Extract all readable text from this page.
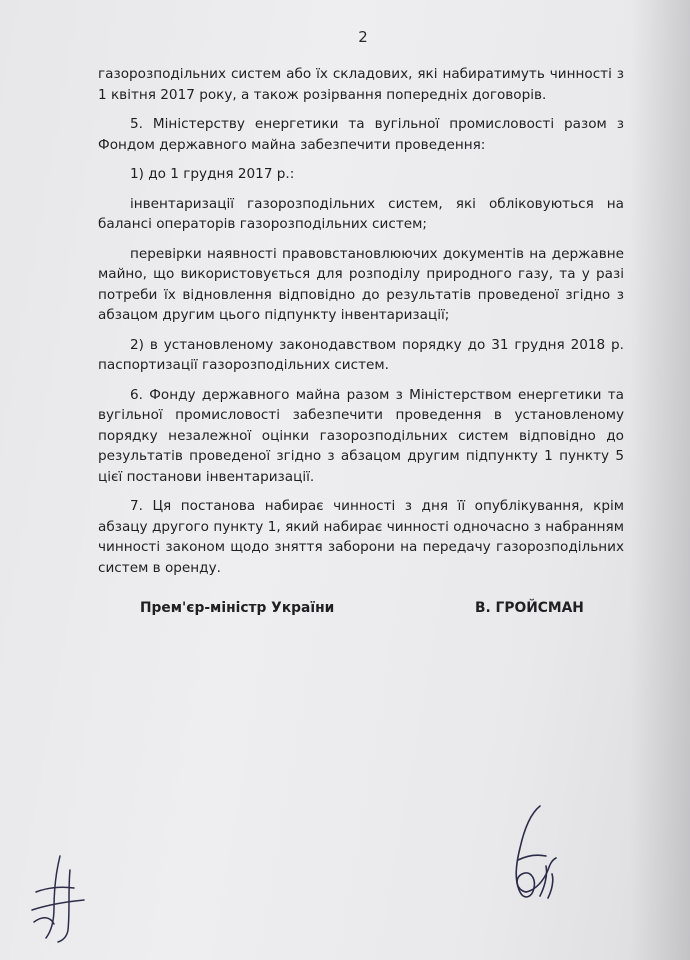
2

газорозподільних систем або їх складових, які набиратимуть чинності з 1 квітня 2017 року, а також розірвання попередніх договорів.

5. Міністерству енергетики та вугільної промисловості разом з Фондом державного майна забезпечити проведення:

1) до 1 грудня 2017 р.:

інвентаризації газорозподільних систем, які обліковуються на балансі операторів газорозподільних систем;

перевірки наявності правовстановлюючих документів на державне майно, що використовується для розподілу природного газу, та у разі потреби їх відновлення відповідно до результатів проведеної згідно з абзацом другим цього підпункту інвентаризації;

2) в установленому законодавством порядку до 31 грудня 2018 р. паспортизації газорозподільних систем.

6. Фонду державного майна разом з Міністерством енергетики та вугільної промисловості забезпечити проведення в установленому порядку незалежної оцінки газорозподільних систем відповідно до результатів проведеної згідно з абзацом другим підпункту 1 пункту 5 цієї постанови інвентаризації.

7. Ця постанова набирає чинності з дня її опублікування, крім абзацу другого пункту 1, який набирає чинності одночасно з набранням чинності законом щодо зняття заборони на передачу газорозподільних систем в оренду.

Прем'єр-міністр України	В. ГРОЙСМАН
